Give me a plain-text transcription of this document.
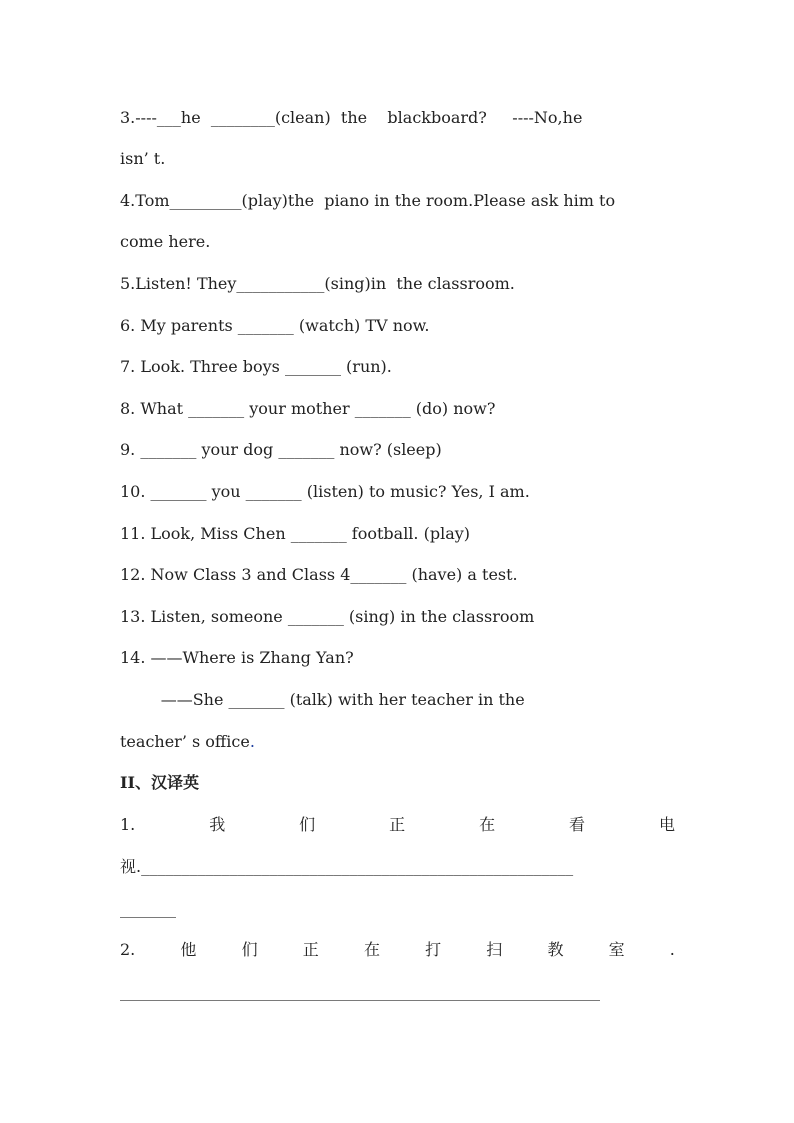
3.----___he  ________(clean)  the    blackboard?     ----No,he
isn’ t.
4.Tom_________(play)the  piano in the room.Please ask him to
come here.
5.Listen! They___________(sing)in  the classroom.
6. My parents _______ (watch) TV now.
7. Look. Three boys _______ (run).
8. What _______ your mother _______ (do) now?
9. _______ your dog _______ now? (sleep)
10. _______ you _______ (listen) to music? Yes, I am.
11. Look, Miss Chen _______ football. (play)
12. Now Class 3 and Class 4_______ (have) a test.
13. Listen, someone _______ (sing) in the classroom
14. ——Where is Zhang Yan?
——She _______ (talk) with her teacher in the
teacher’ s office.
II、汉译英
1.	我	们	正	在	看	电
视.______________________________________________________
_______
2.	他	们	正	在	打	扫	教	室	.
____________________________________________________________
